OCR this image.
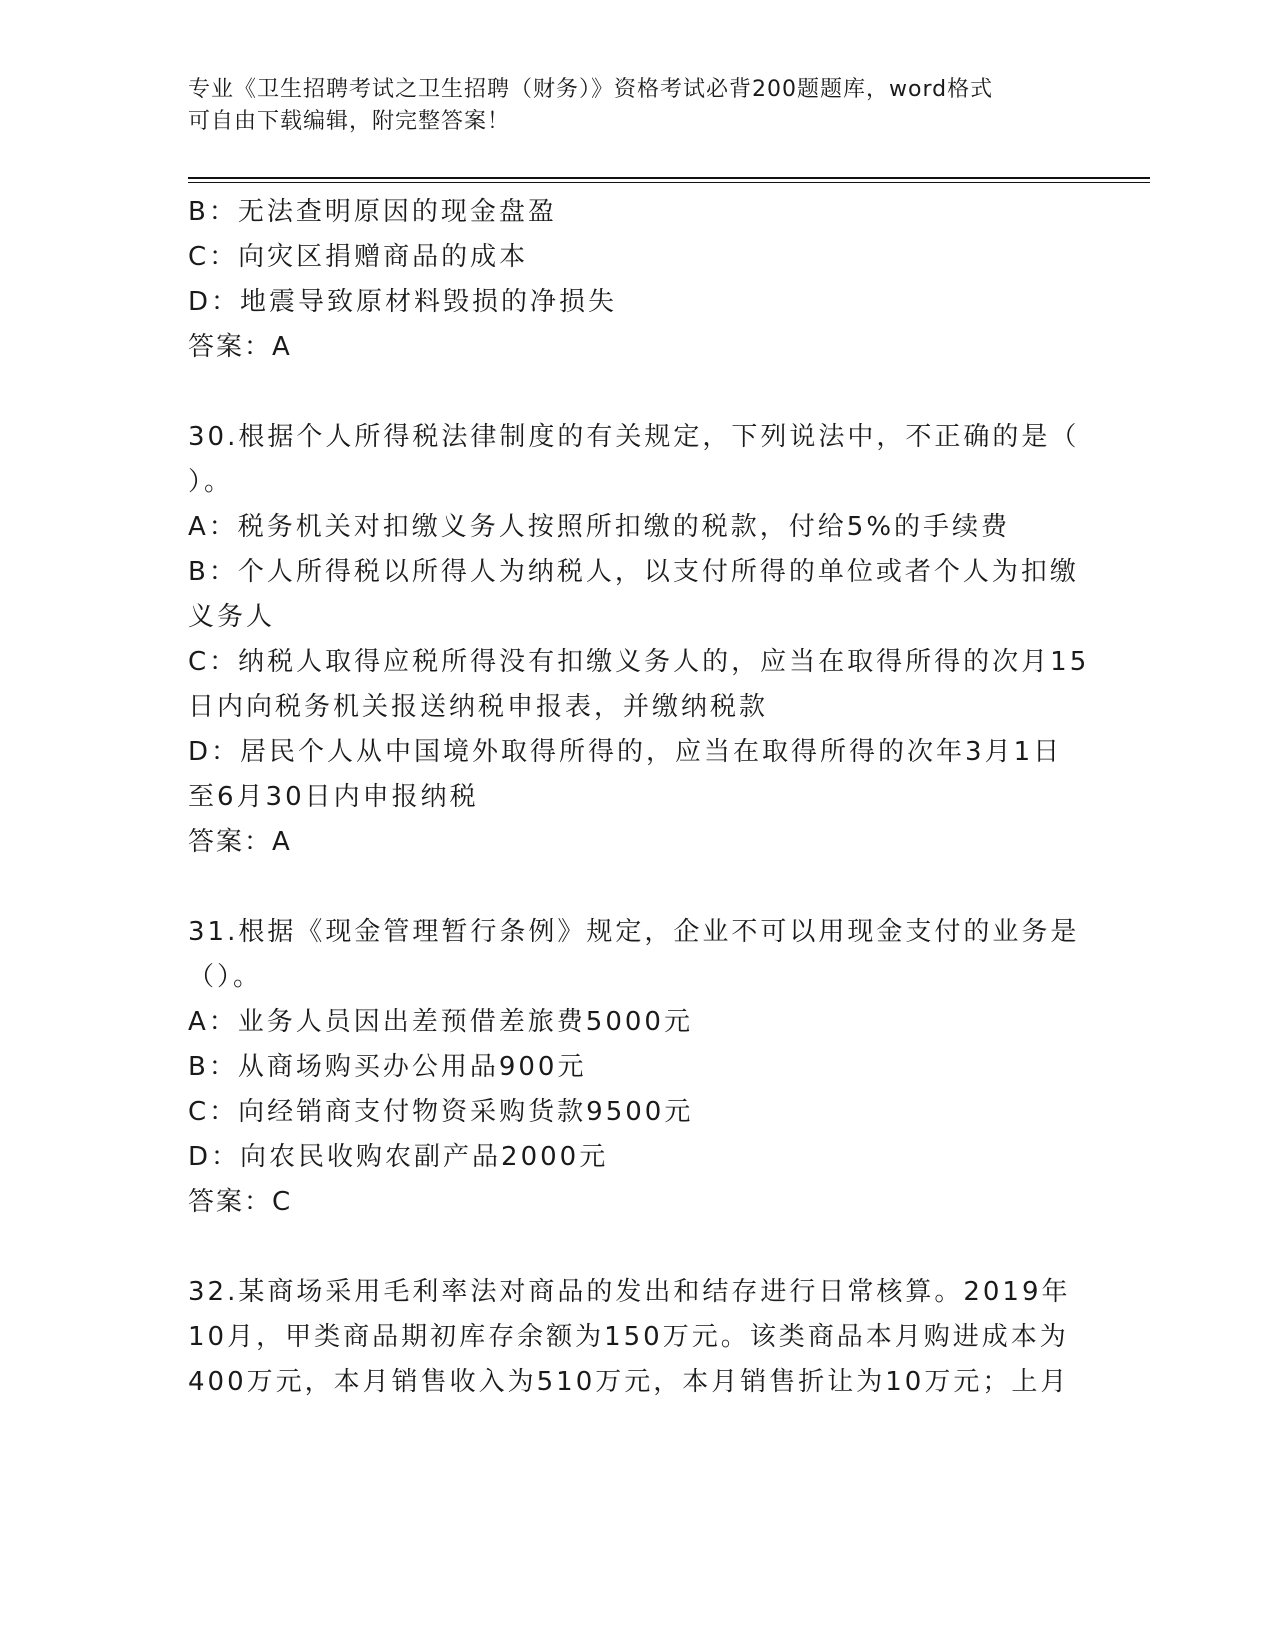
专业《卫生招聘考试之卫生招聘（财务）》资格考试必背200题题库，word格式
可自由下载编辑，附完整答案！
B：无法查明原因的现金盘盈
C：向灾区捐赠商品的成本
D：地震导致原材料毁损的净损失
答案：A
30.根据个人所得税法律制度的有关规定，下列说法中，不正确的是（
）。
A：税务机关对扣缴义务人按照所扣缴的税款，付给5%的手续费
B：个人所得税以所得人为纳税人，以支付所得的单位或者个人为扣缴
义务人
C：纳税人取得应税所得没有扣缴义务人的，应当在取得所得的次月15
日内向税务机关报送纳税申报表，并缴纳税款
D：居民个人从中国境外取得所得的，应当在取得所得的次年3月1日
至6月30日内申报纳税
答案：A
31.根据《现金管理暂行条例》规定，企业不可以用现金支付的业务是
（）。
A：业务人员因出差预借差旅费5000元
B：从商场购买办公用品900元
C：向经销商支付物资采购货款9500元
D：向农民收购农副产品2000元
答案：C
32.某商场采用毛利率法对商品的发出和结存进行日常核算。2019年
10月，甲类商品期初库存余额为150万元。该类商品本月购进成本为
400万元，本月销售收入为510万元，本月销售折让为10万元；上月
